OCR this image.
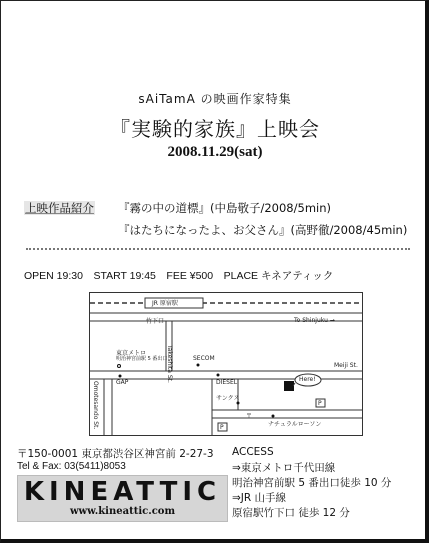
sAiTamA の映画作家特集
『実験的家族』上映会
2008.11.29(sat)
上映作品紹介 『霧の中の道標』(中島敬子/2008/5min)
『はたちになったよ、お父さん』(高野徹/2008/45min)
OPEN 19:30　START 19:45　FEE ¥500　PLACE キネアティック
JR 原宿駅
竹下口
Takeshita St.
To Shinjuku →
東京メトロ
明治神宮前駅 5 番出口	SECOM
Meiji St.
GAP	DIESEL
サンクス
Here!
Omotesando St.	ナチュラルローソン
P
P
〒
〒150-0001 東京都渋谷区神宮前 2-27-3
Tel & Fax: 03(5411)8053
KINEATTIC
www.kineattic.com
ACCESS
⇒東京メトロ千代田線
明治神宮前駅 5 番出口徒歩 10 分
⇒JR 山手線
原宿駅竹下口 徒歩 12 分
